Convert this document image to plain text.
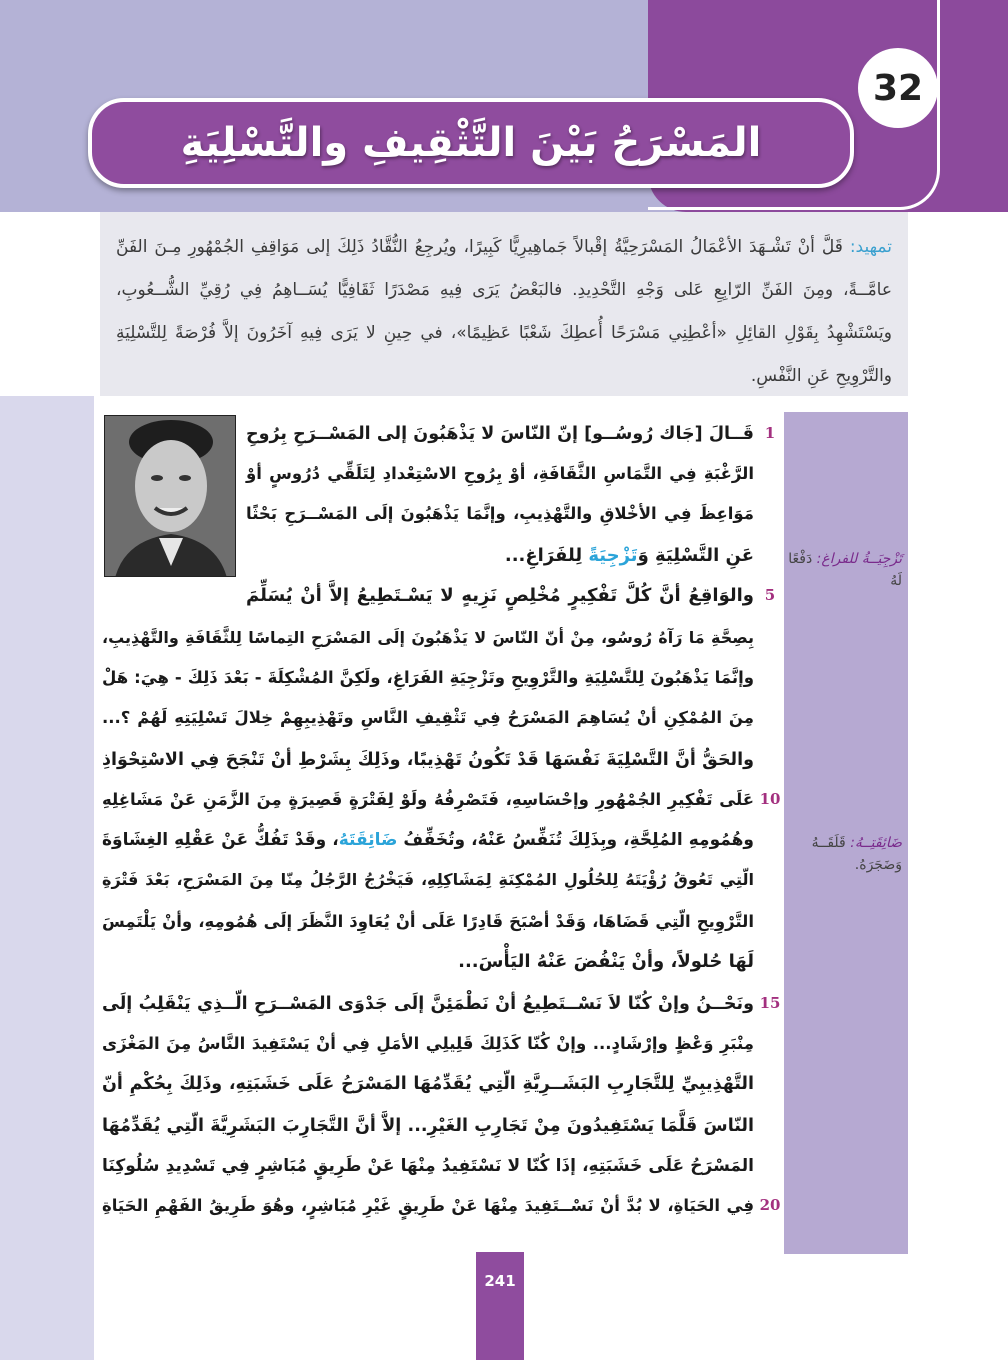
32
المَسْرَحُ بَيْنَ التَّثْقِيفِ والتَّسْلِيَةِ
تمهيد: قَلَّ أنْ تَشْـهَدَ الأعْمَالُ المَسْرَحِيَّةُ إقْبالاً جَماهِيرِيًّا كَبِيرًا، ويُرجِعُ النُّقَّادُ ذَلِكَ إلى مَوَاقِفِ الجُمْهُورِ مِـنَ الفَنِّ عامَّــةً، ومِنَ الفَنِّ الرّابِعِ عَلى وَجْهِ التَّحْدِيدِ. فالبَعْضُ يَرَى فِيهِ مَصْدَرًا ثَقَافِيًّا يُسَــاهِمُ فِي رُقِيِّ الشُّــعُوبِ، ويَسْتَشْهِدُ بِقَوْلِ القائِلِ «أعْطِنِي مَسْرَحًا أُعطِكَ شَعْبًا عَظِيمًا»، في حِينِ لا يَرَى فِيهِ آخَرُونَ إلاَّ فُرْصَةً لِلتَّسْلِيَةِ والتَّرْوِيحِ عَنِ النَّفْسِ.
تَزْجِيَــةُ للفراغ: دَفْعًا لَهُ
ضَائِقَتِــهُ: قَلَقَــهُ وَضَجَرَهُ.
قَــالَ [جَاك رُوسُــو] إنّ النّاسَ لا يَذْهَبُونَ إلى المَسْــرَحِ بِرُوحِ
الرَّغْبَةِ فِي التَّمَاسِ الثَّقَافَةِ، أوْ بِرُوحِ الاسْتِعْدادِ لِتَلَقِّي دُرُوسٍ أوْ
مَوَاعِظَ فِي الأخْلاقِ والتَّهْذِيبِ، وإنَّمَا يَذْهَبُونَ إلَى المَسْــرَحِ بَحْثًا
عَنِ التَّسْلِيَةِ وَتَزْجِيَةً لِلفَرَاغِ...
والوَاقِعُ أنَّ كُلَّ تَفْكِيرٍ مُخْلِصٍ نَزِيهٍ لا يَسْـتَطِيعُ إلاَّ أنْ يُسَلِّمَ
بِصِحَّةِ مَا رَآهُ رُوسُو، مِنْ أنّ النّاسَ لا يَذْهَبُونَ إلَى المَسْرَحِ التِماسًا لِلثَّقَافَةِ والتَّهْذِيبِ،
وإنَّمَا يَذْهَبُونَ لِلتَّسْلِيَةِ والتَّرْوِيحِ وتَزْجِيَةِ الفَرَاغِ، ولَكِنَّ المُشْكِلَةَ - بَعْدَ ذَلِكَ - هِيَ: هَلْ
مِنَ المُمْكِنِ أنْ يُسَاهِمَ المَسْرَحُ فِي تَثْقِيفِ النَّاسِ وتَهْذِيبِهِمْ خِلالَ تَسْلِيَتِهِ لَهُمْ ؟...
والحَقُّ أنَّ التَّسْلِيَةَ نَفْسَهَا قَدْ تَكُونُ تَهْذِيبًا، وذَلِكَ بِشَرْطِ أنْ تَنْجَحَ فِي الاسْتِحْوَاذِ
عَلَى تَفْكِيرِ الجُمْهُورِ وإحْسَاسِهِ، فَتَصْرِفُهُ ولَوْ لِفَتْرَةٍ قَصِيرَةٍ مِنَ الزَّمَنِ عَنْ مَشَاغِلِهِ
وهُمُومِهِ المُلِحَّةِ، وبِذَلِكَ تُنَفِّسُ عَنْهُ، وتُخَفِّفُ ضَائِقَتَهُ، وقَدْ تَفُكُّ عَنْ عَقْلِهِ الغِشَاوَةَ
الّتِي تَعُوقُ رُؤْيَتَهُ لِلحُلُولِ المُمْكِنَةِ لِمَشَاكِلِهِ، فَيَخْرُجُ الرَّجُلُ مِنّا مِنَ المَسْرَحِ، بَعْدَ فَتْرَةِ
التَّرْوِيحِ الّتِي قَضَاهَا، وَقَدْ أصْبَحَ قَادِرًا عَلَى أنْ يُعَاوِدَ النَّظَرَ إلَى هُمُومِهِ، وأنْ يَلْتَمِسَ
لَهَا حُلولاً، وأنْ يَنْفُضَ عَنْهُ اليَأْسَ...
ونَحْــنُ وإنْ كُنّا لاَ نَسْــتَطِيعُ أنْ نَطْمَئِنَّ إلَى جَدْوَى المَسْــرَحِ الّــذِي يَنْقَلِبُ إلَى
مِنْبَرِ وَعْظٍ وإرْشَادٍ... وإنْ كُنّا كَذَلِكَ قَلِيلِي الأمَلِ فِي أنْ يَسْتَفِيدَ النَّاسُ مِنَ المَغْزَى
التَّهْذِيبِيِّ لِلتَّجَارِبِ البَشَــرِيَّةِ الّتِي يُقَدِّمُهَا المَسْرَحُ عَلَى خَشَبَتِهِ، وذَلِكَ بِحُكْمِ أنّ
النّاسَ قَلَّمَا يَسْتَفِيدُونَ مِنْ تَجَارِبِ الغَيْرِ... إلاَّ أنَّ التَّجَارِبَ البَشَرِيَّةَ الّتِي يُقَدِّمُهَا
المَسْرَحُ عَلَى خَشَبَتِهِ، إذَا كُنّا لا نَسْتَفِيدُ مِنْهَا عَنْ طَرِيقٍ مُبَاشِرٍ فِي تَسْدِيدِ سُلُوكِنَا
فِي الحَيَاةِ، لا بُدَّ أنْ نَسْــتَفِيدَ مِنْهَا عَنْ طَرِيقٍ غَيْرِ مُبَاشِرٍ، وهُوَ طَرِيقُ الفَهْمِ الحَيَاةِ
1
5
10
15
20
241
